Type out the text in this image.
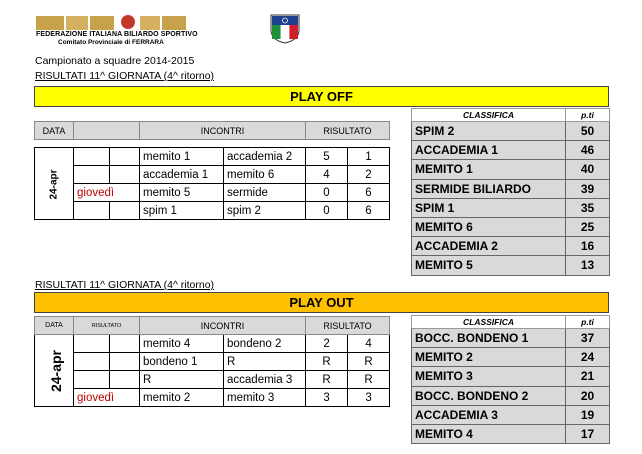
FEDERAZIONE ITALIANA BILIARDO SPORTIVO
Comitato Provinciale di FERRARA
Campionato a squadre 2014-2015
RISULTATI 11^ GIORNATA (4^ ritorno)
PLAY OFF
DATA			INCONTRI		RISULTATO	

24-apr			memito 1	accademia 2	5	1
			accademia 1	memito 6	4	2
	giovedì		memito 5	sermide	0	6
			spim 1	spim 2	0	6
CLASSIFICA	p.ti
SPIM 2	50
ACCADEMIA 1	46
MEMITO 1	40
SERMIDE BILIARDO	39
SPIM 1	35
MEMITO 6	25
ACCADEMIA 2	16
MEMITO 5	13
RISULTATI 11^ GIORNATA (4^ ritorno)
PLAY OUT
DATA	RISULTATO		INCONTRI		RISULTATO	
24-apr			memito 4	bondeno 2	2	4
			bondeno 1	R	R	R
			R	accademia 3	R	R
	giovedì		memito 2	memito 3	3	3
CLASSIFICA	p.ti
BOCC. BONDENO 1	37
MEMITO 2	24
MEMITO 3	21
BOCC. BONDENO 2	20
ACCADEMIA 3	19
MEMITO 4	17
